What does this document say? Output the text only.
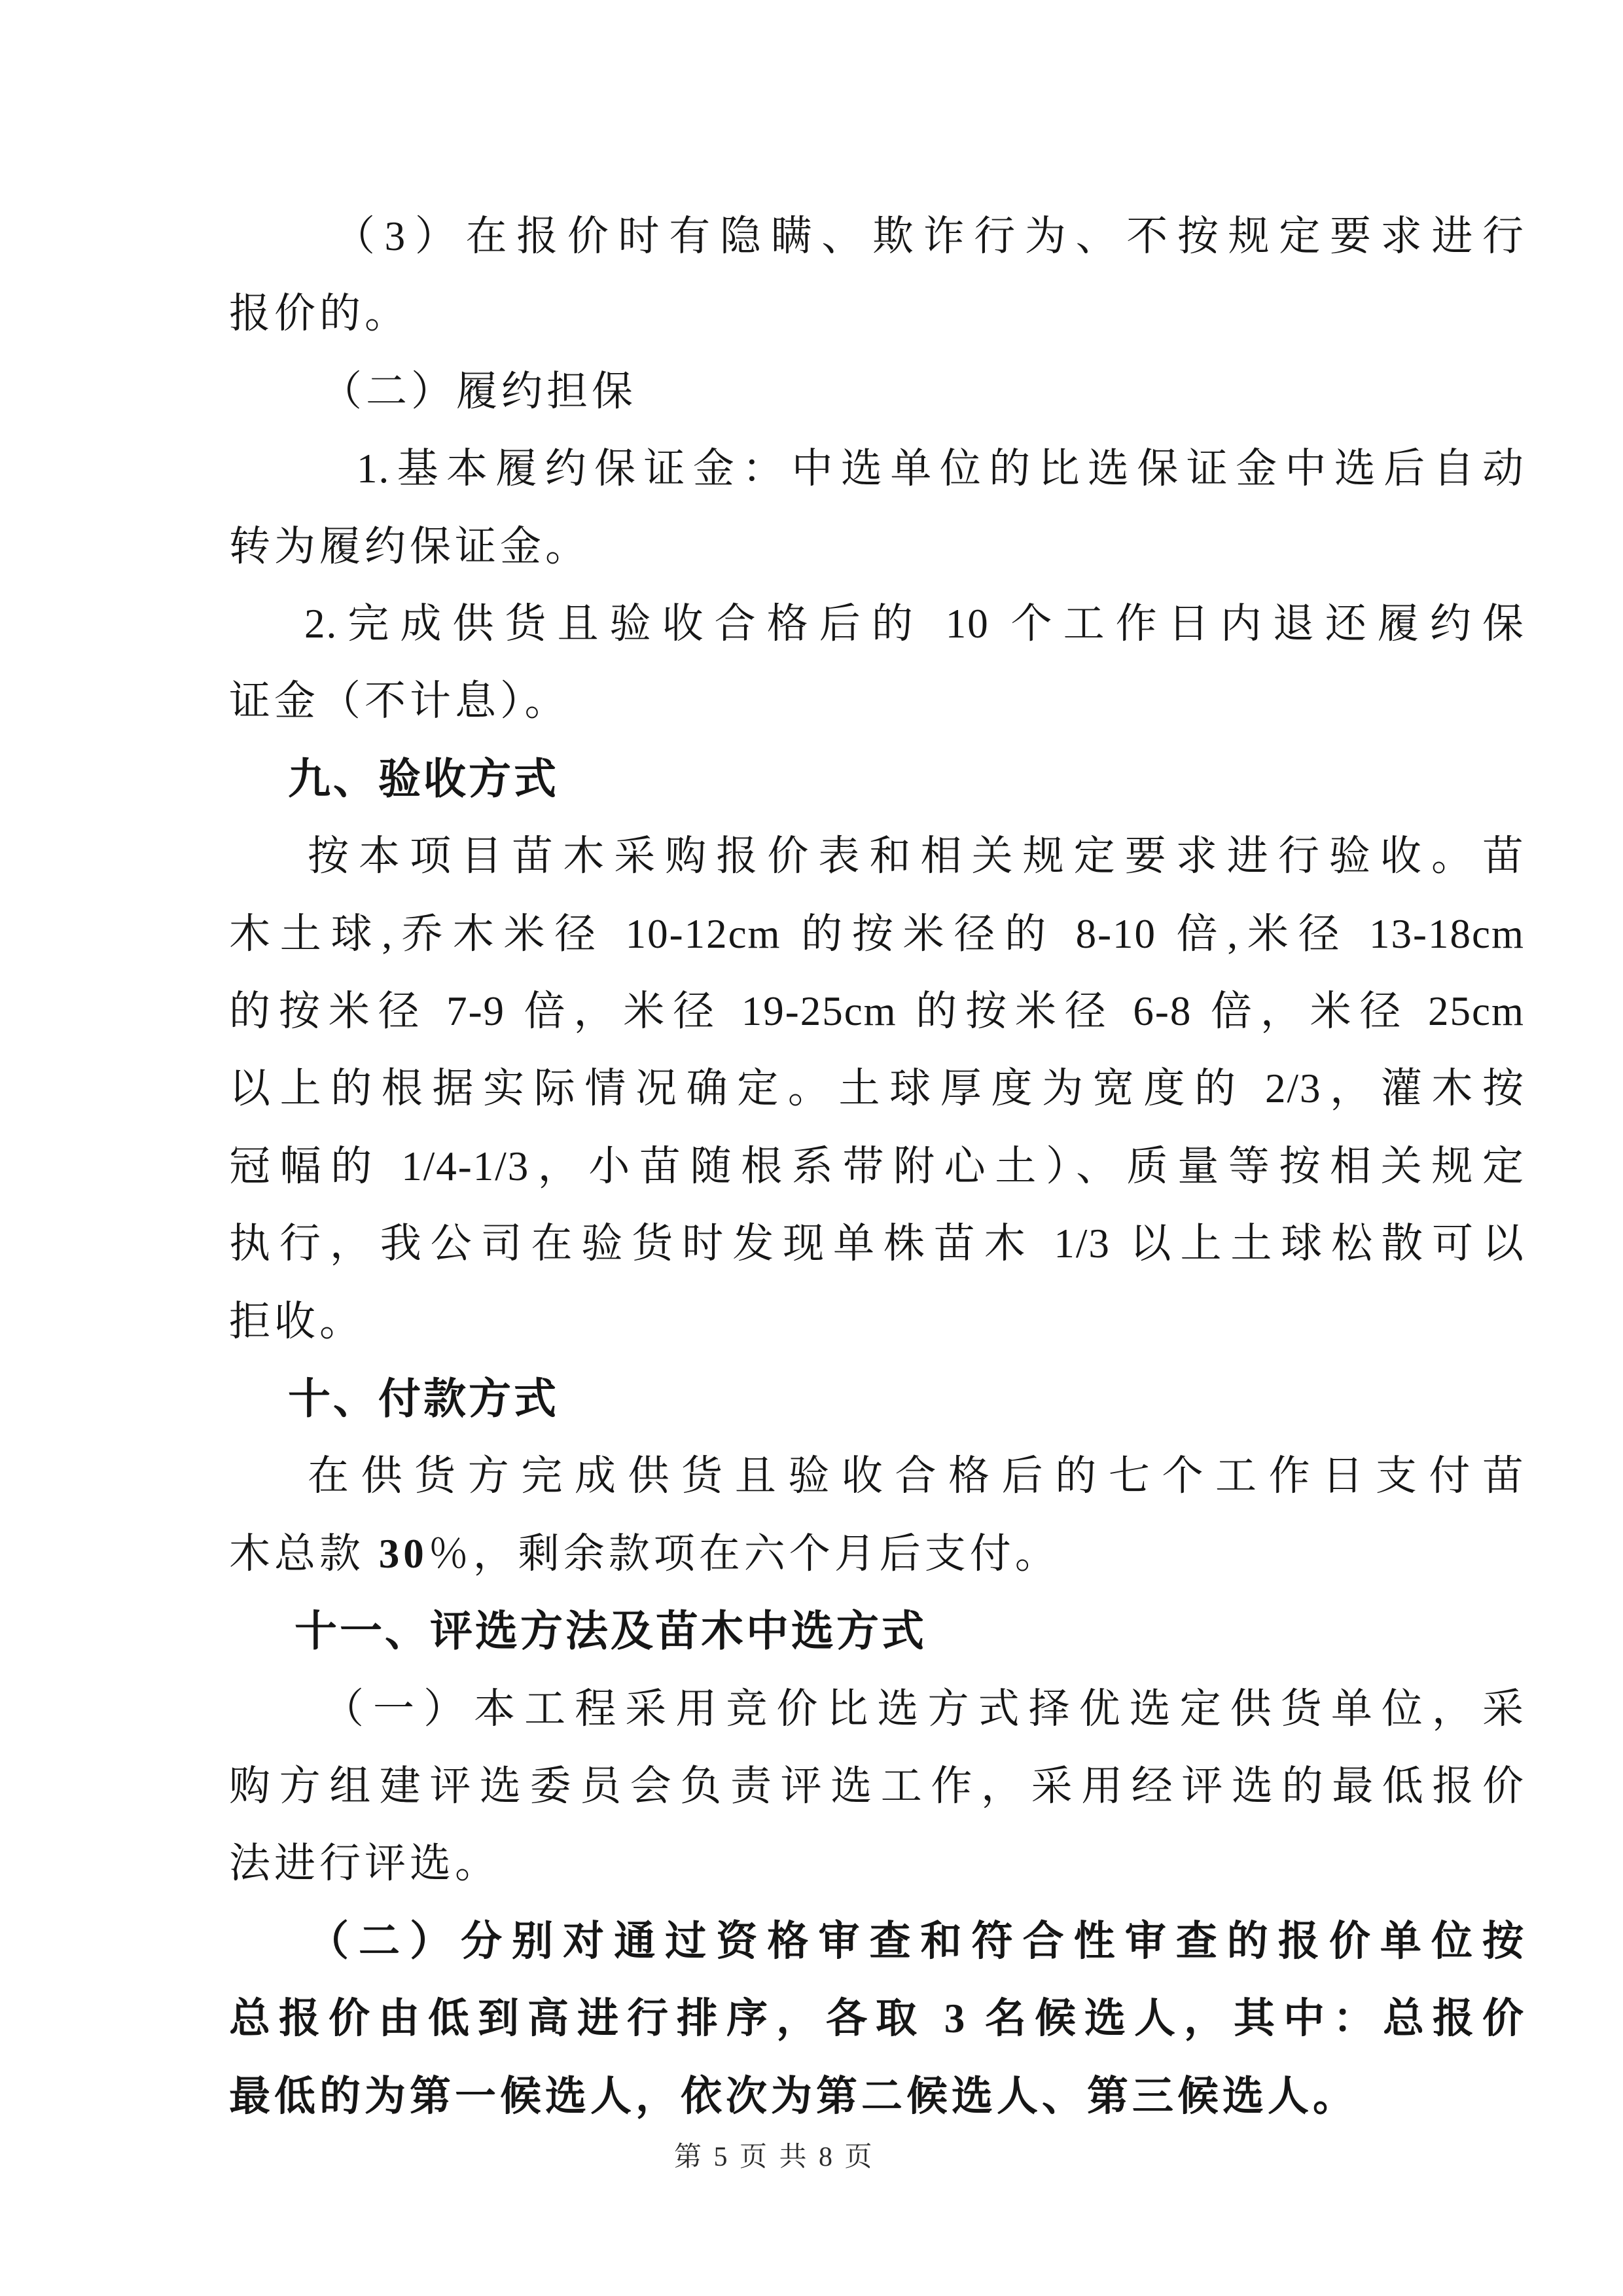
（3）在报价时有隐瞒、欺诈行为、不按规定要求进行
报价的。
（二）履约担保
1.基本履约保证金：中选单位的比选保证金中选后自动
转为履约保证金。
2.完成供货且验收合格后的 10 个工作日内退还履约保
证金（不计息）。
九、验收方式
按本项目苗木采购报价表和相关规定要求进行验收。苗
木土球,乔木米径 10-12cm 的按米径的 8-10 倍,米径 13-18cm
的按米径 7-9 倍，米径 19-25cm 的按米径 6-8 倍，米径 25cm
以上的根据实际情况确定。土球厚度为宽度的 2/3，灌木按
冠幅的 1/4-1/3，小苗随根系带附心土）、质量等按相关规定
执行，我公司在验货时发现单株苗木 1/3 以上土球松散可以
拒收。
十、付款方式
在供货方完成供货且验收合格后的七个工作日支付苗
木总款 30％，剩余款项在六个月后支付。
十一、评选方法及苗木中选方式
（一）本工程采用竞价比选方式择优选定供货单位，采
购方组建评选委员会负责评选工作，采用经评选的最低报价
法进行评选。
（二）分别对通过资格审查和符合性审查的报价单位按
总报价由低到高进行排序，各取 3 名候选人，其中：总报价
最低的为第一候选人，依次为第二候选人、第三候选人。
第 5 页 共 8 页
